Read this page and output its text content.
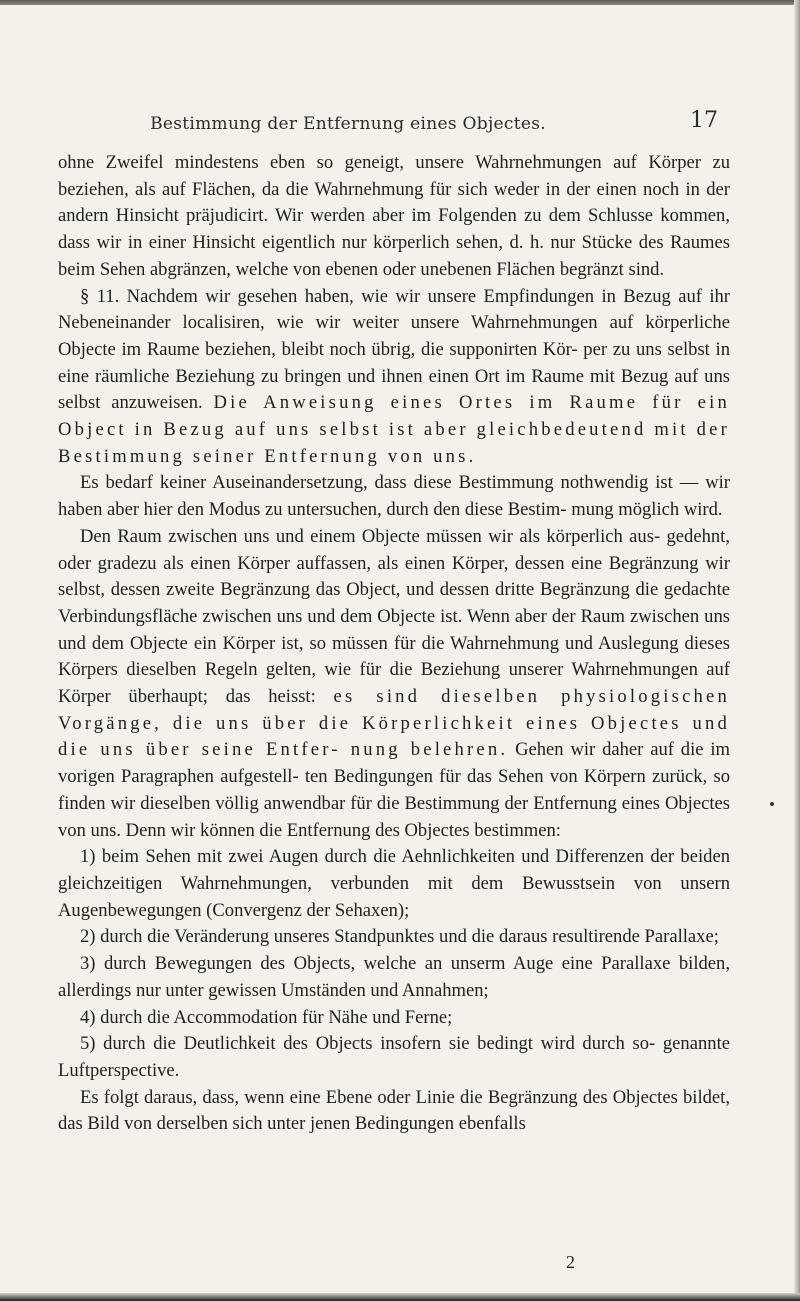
Bestimmung der Entfernung eines Objectes.	17

ohne Zweifel mindestens eben so geneigt, unsere Wahrnehmungen auf Körper zu beziehen, als auf Flächen, da die Wahrnehmung für sich weder in der einen noch in der andern Hinsicht präjudicirt. Wir werden aber im Folgenden zu dem Schlusse kommen, dass wir in einer Hinsicht eigentlich nur körperlich sehen, d. h. nur Stücke des Raumes beim Sehen abgränzen, welche von ebenen oder unebenen Flächen begränzt sind.

§ 11. Nachdem wir gesehen haben, wie wir unsere Empfindungen in Bezug auf ihr Nebeneinander localisiren, wie wir weiter unsere Wahrnehmungen auf körperliche Objecte im Raume beziehen, bleibt noch übrig, die supponirten Kör- per zu uns selbst in eine räumliche Beziehung zu bringen und ihnen einen Ort im Raume mit Bezug auf uns selbst anzuweisen. Die Anweisung eines Ortes im Raume für ein Object in Bezug auf uns selbst ist aber gleichbedeutend mit der Bestimmung seiner Entfernung von uns.

Es bedarf keiner Auseinandersetzung, dass diese Bestimmung nothwendig ist — wir haben aber hier den Modus zu untersuchen, durch den diese Bestim- mung möglich wird.

Den Raum zwischen uns und einem Objecte müssen wir als körperlich aus- gedehnt, oder gradezu als einen Körper auffassen, als einen Körper, dessen eine Begränzung wir selbst, dessen zweite Begränzung das Object, und dessen dritte Begränzung die gedachte Verbindungsfläche zwischen uns und dem Objecte ist. Wenn aber der Raum zwischen uns und dem Objecte ein Körper ist, so müssen für die Wahrnehmung und Auslegung dieses Körpers dieselben Regeln gelten, wie für die Beziehung unserer Wahrnehmungen auf Körper überhaupt; das heisst: es sind dieselben physiologischen Vorgänge, die uns über die Körperlichkeit eines Objectes und die uns über seine Entfer- nung belehren. Gehen wir daher auf die im vorigen Paragraphen aufgestell- ten Bedingungen für das Sehen von Körpern zurück, so finden wir dieselben völlig anwendbar für die Bestimmung der Entfernung eines Objectes von uns. Denn wir können die Entfernung des Objectes bestimmen:

1) beim Sehen mit zwei Augen durch die Aehnlichkeiten und Differenzen der beiden gleichzeitigen Wahrnehmungen, verbunden mit dem Bewusstsein von unsern Augenbewegungen (Convergenz der Sehaxen);

2) durch die Veränderung unseres Standpunktes und die daraus resultirende Parallaxe;

3) durch Bewegungen des Objects, welche an unserm Auge eine Parallaxe bilden, allerdings nur unter gewissen Umständen und Annahmen;

4) durch die Accommodation für Nähe und Ferne;

5) durch die Deutlichkeit des Objects insofern sie bedingt wird durch so- genannte Luftperspective.

Es folgt daraus, dass, wenn eine Ebene oder Linie die Begränzung des Objectes bildet, das Bild von derselben sich unter jenen Bedingungen ebenfalls

2
